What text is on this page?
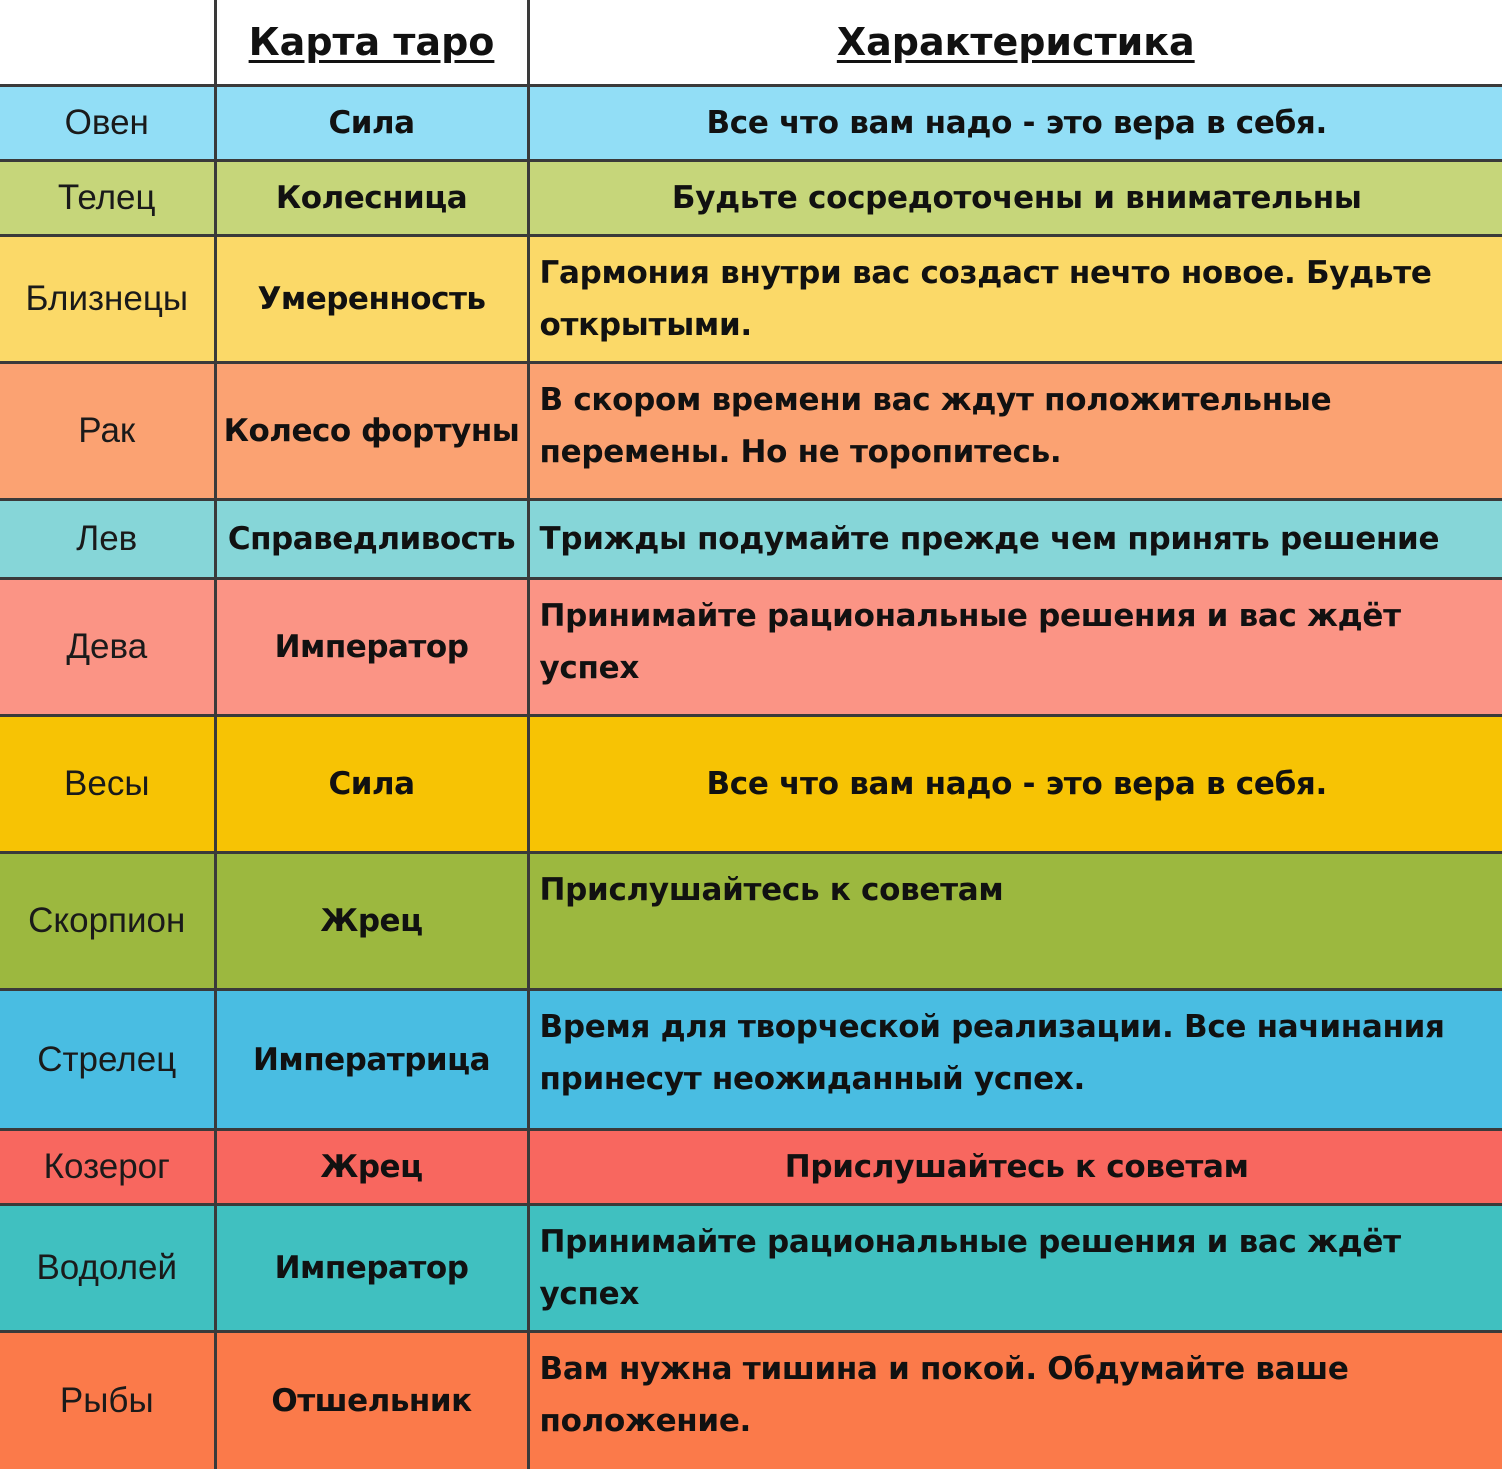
	Карта таро	Характеристика
Овен	Сила	Все что вам надо - это вера в себя.
Телец	Колесница	Будьте сосредоточены и внимательны
Близнецы	Умеренность	Гармония внутри вас создаст нечто новое. Будьте открытыми.
Рак	Колесо фортуны	В скором времени вас ждут положительные перемены. Но не торопитесь.
Лев	Справедливость	Трижды подумайте прежде чем принять решение
Дева	Император	Принимайте рациональные решения и вас ждёт успех
Весы	Сила	Все что вам надо - это вера в себя.
Скорпион	Жрец	Прислушайтесь к советам
Стрелец	Императрица	Время для творческой реализации. Все начинания принесут неожиданный успех.
Козерог	Жрец	Прислушайтесь к советам
Водолей	Император	Принимайте рациональные решения и вас ждёт успех
Рыбы	Отшельник	Вам нужна тишина и покой. Обдумайте ваше положение.
